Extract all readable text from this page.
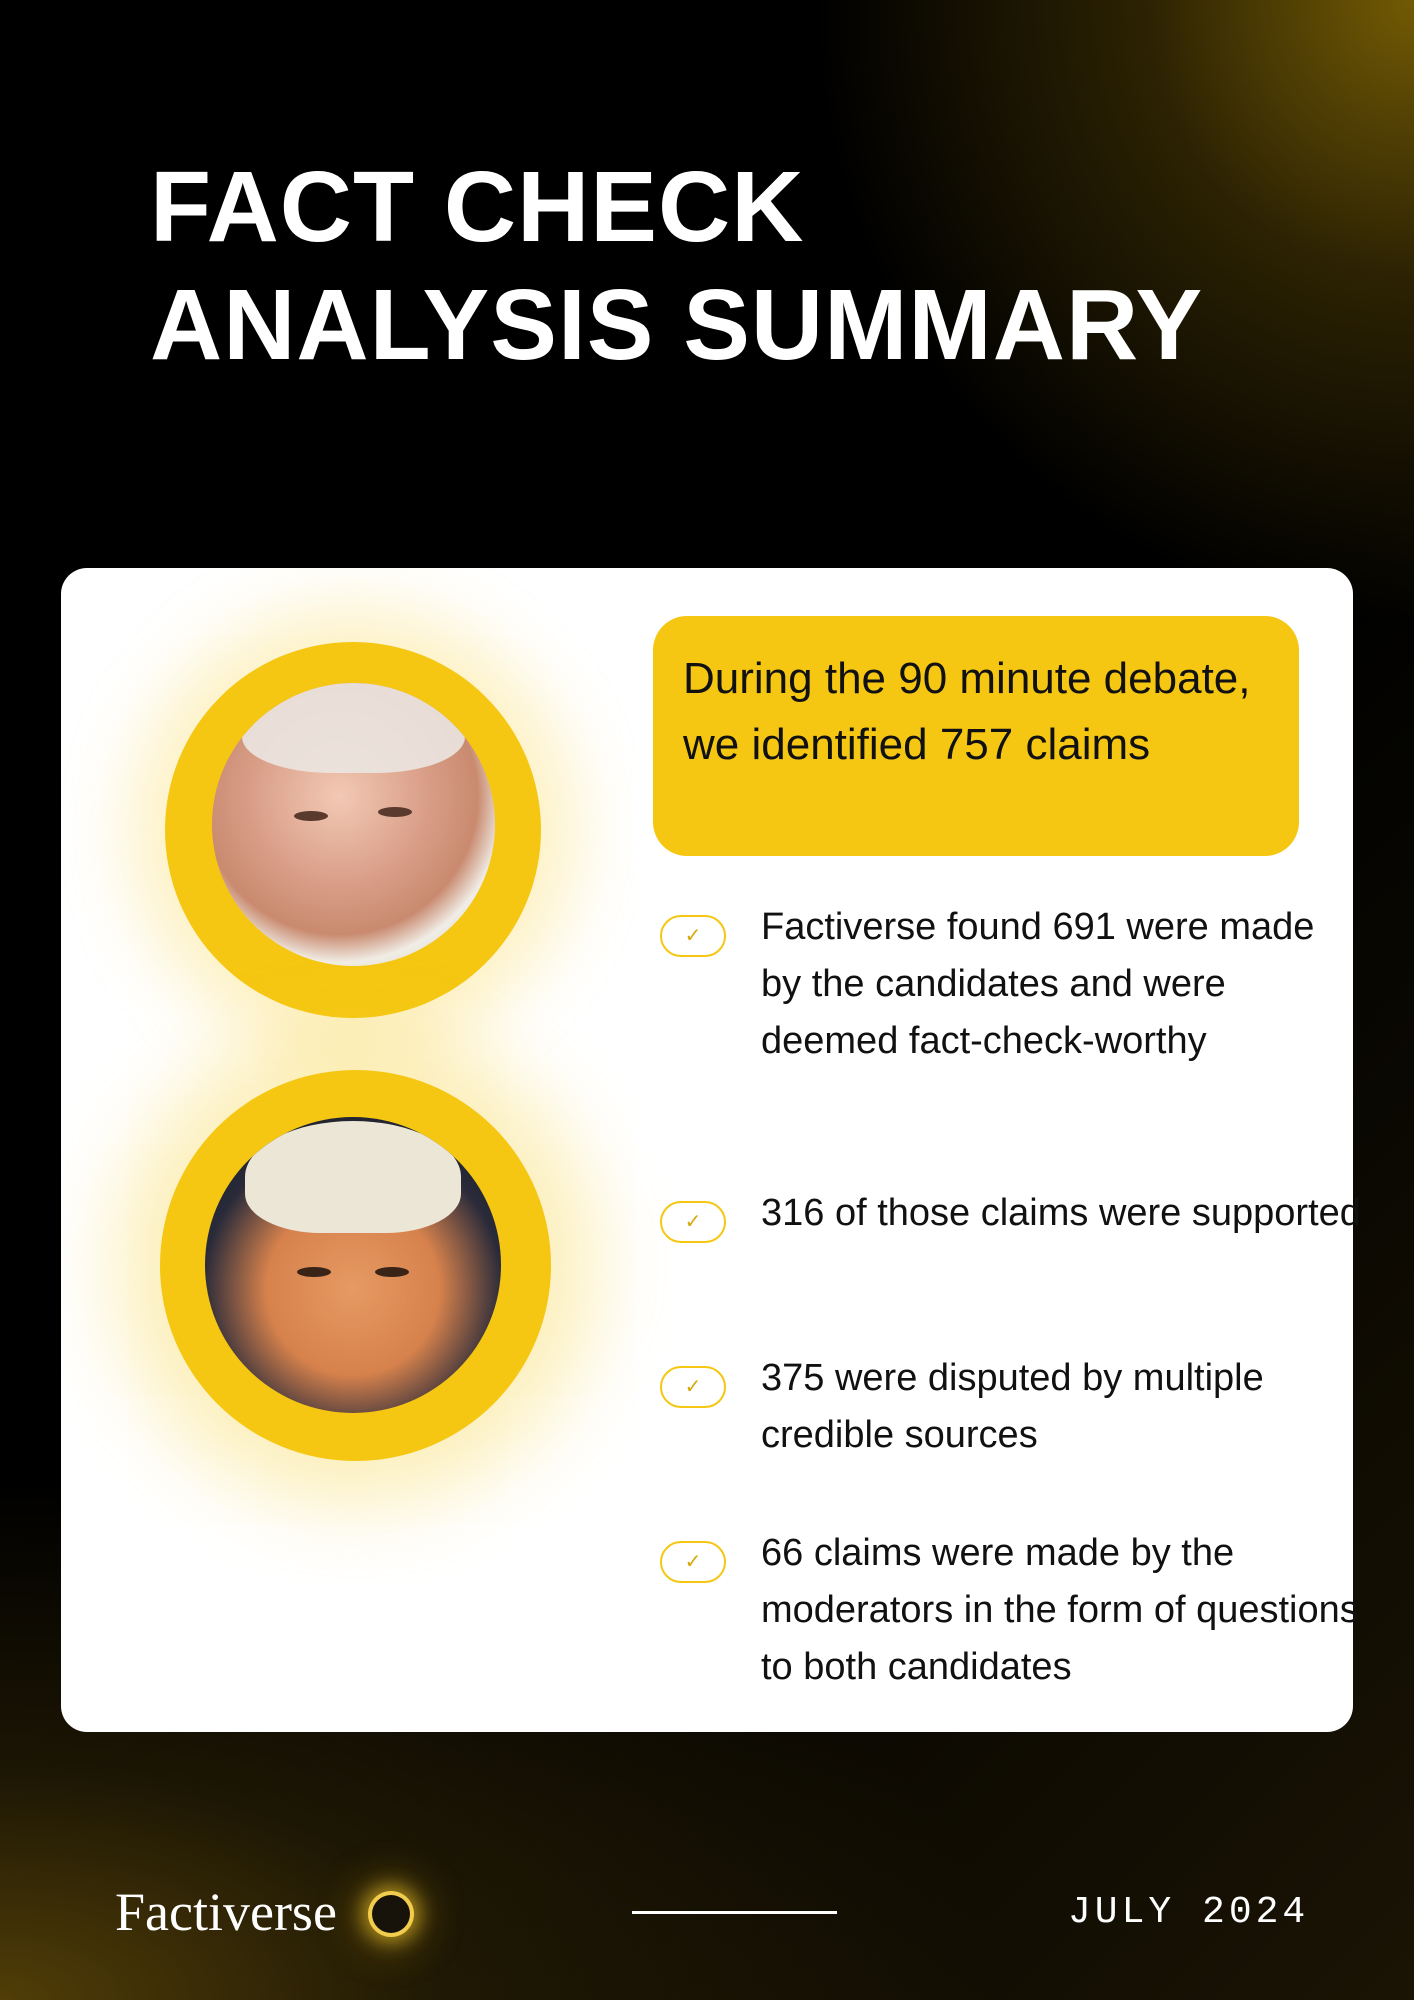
FACT CHECK
ANALYSIS SUMMARY

During the 90 minute debate, we identified 757 claims

✓	Factiverse found 691 were made by the candidates and were deemed fact-check-worthy

✓	316 of those claims were supported

✓	375 were disputed by multiple credible sources

✓	66 claims were made by the moderators in the form of questions to both candidates

Factiverse	JULY 2024
